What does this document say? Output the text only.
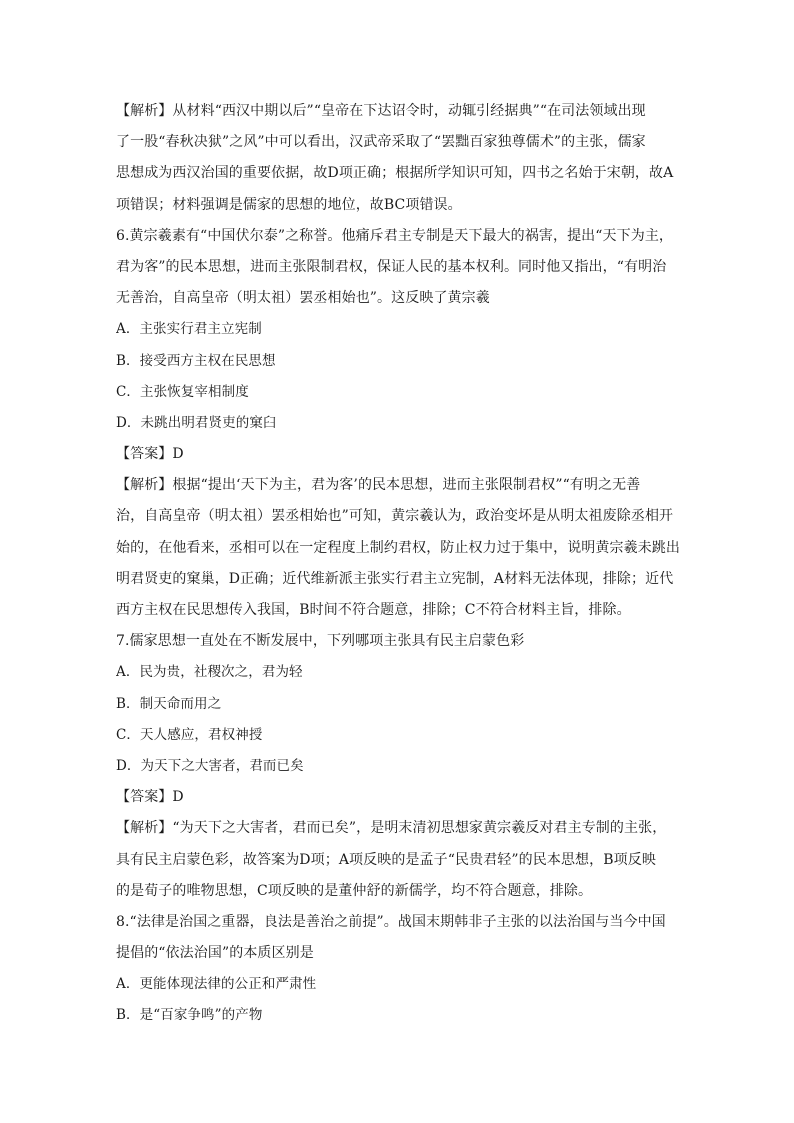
【解析】从材料“西汉中期以后”“皇帝在下达诏令时，动辄引经据典”“在司法领域出现
了一股“春秋决狱”之风”中可以看出，汉武帝采取了“罢黜百家独尊儒术”的主张，儒家
思想成为西汉治国的重要依据，故D项正确；根据所学知识可知，四书之名始于宋朝，故A
项错误；材料强调是儒家的思想的地位，故BC项错误。
6.黄宗羲素有“中国伏尔泰”之称誉。他痛斥君主专制是天下最大的祸害，提出“天下为主，
君为客”的民本思想，进而主张限制君权，保证人民的基本权利。同时他又指出，“有明治
无善治，自高皇帝（明太祖）罢丞相始也”。这反映了黄宗羲
A．主张实行君主立宪制
B．接受西方主权在民思想
C．主张恢复宰相制度
D．未跳出明君贤吏的窠臼
【答案】D
【解析】根据“提出‘天下为主，君为客’的民本思想，进而主张限制君权”“有明之无善
治，自高皇帝（明太祖）罢丞相始也”可知，黄宗羲认为，政治变坏是从明太祖废除丞相开
始的，在他看来，丞相可以在一定程度上制约君权，防止权力过于集中，说明黄宗羲未跳出
明君贤吏的窠巢，D正确；近代维新派主张实行君主立宪制，A材料无法体现，排除；近代
西方主权在民思想传入我国，B时间不符合题意，排除；C不符合材料主旨，排除。
7.儒家思想一直处在不断发展中，下列哪项主张具有民主启蒙色彩
A．民为贵，社稷次之，君为轻
B．制天命而用之
C．天人感应，君权神授
D．为天下之大害者，君而已矣
【答案】D
【解析】“为天下之大害者，君而已矣”，是明末清初思想家黄宗羲反对君主专制的主张，
具有民主启蒙色彩，故答案为D项；A项反映的是孟子“民贵君轻”的民本思想，B项反映
的是荀子的唯物思想，C项反映的是董仲舒的新儒学，均不符合题意，排除。
8.“法律是治国之重器，良法是善治之前提”。战国末期韩非子主张的以法治国与当今中国
提倡的“依法治国”的本质区别是
A．更能体现法律的公正和严肃性
B．是“百家争鸣”的产物
